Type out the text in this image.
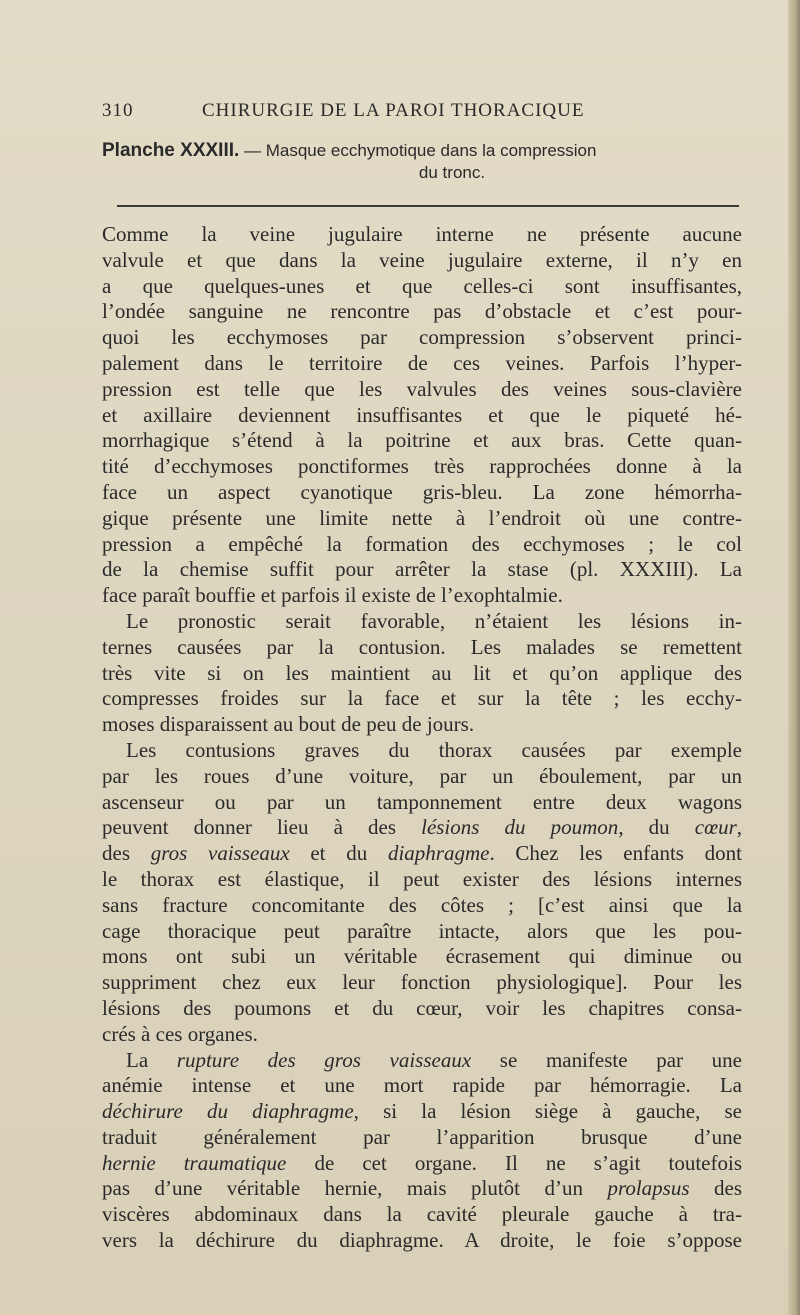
310	CHIRURGIE DE LA PAROI THORACIQUE
Planche XXXIII. — Masque ecchymotique dans la compression
du tronc.
Comme la veine jugulaire interne ne présente aucune
valvule et que dans la veine jugulaire externe, il n’y en
a que quelques-unes et que celles-ci sont insuffisantes,
l’ondée sanguine ne rencontre pas d’obstacle et c’est pour-
quoi les ecchymoses par compression s’observent princi-
palement dans le territoire de ces veines. Parfois l’hyper-
pression est telle que les valvules des veines sous-clavière
et axillaire deviennent insuffisantes et que le piqueté hé-
morrhagique s’étend à la poitrine et aux bras. Cette quan-
tité d’ecchymoses ponctiformes très rapprochées donne à la
face un aspect cyanotique gris-bleu. La zone hémorrha-
gique présente une limite nette à l’endroit où une contre-
pression a empêché la formation des ecchymoses ; le col
de la chemise suffit pour arrêter la stase (pl. XXXIII). La
face paraît bouffie et parfois il existe de l’exophtalmie.
Le pronostic serait favorable, n’étaient les lésions in-
ternes causées par la contusion. Les malades se remettent
très vite si on les maintient au lit et qu’on applique des
compresses froides sur la face et sur la tête ; les ecchy-
moses disparaissent au bout de peu de jours.
Les contusions graves du thorax causées par exemple
par les roues d’une voiture, par un éboulement, par un
ascenseur ou par un tamponnement entre deux wagons
peuvent donner lieu à des lésions du poumon, du cœur,
des gros vaisseaux et du diaphragme. Chez les enfants dont
le thorax est élastique, il peut exister des lésions internes
sans fracture concomitante des côtes ; [c’est ainsi que la
cage thoracique peut paraître intacte, alors que les pou-
mons ont subi un véritable écrasement qui diminue ou
suppriment chez eux leur fonction physiologique]. Pour les
lésions des poumons et du cœur, voir les chapitres consa-
crés à ces organes.
La rupture des gros vaisseaux se manifeste par une
anémie intense et une mort rapide par hémorragie. La
déchirure du diaphragme, si la lésion siège à gauche, se
traduit généralement par l’apparition brusque d’une
hernie traumatique de cet organe. Il ne s’agit toutefois
pas d’une véritable hernie, mais plutôt d’un prolapsus des
viscères abdominaux dans la cavité pleurale gauche à tra-
vers la déchirure du diaphragme. A droite, le foie s’oppose
